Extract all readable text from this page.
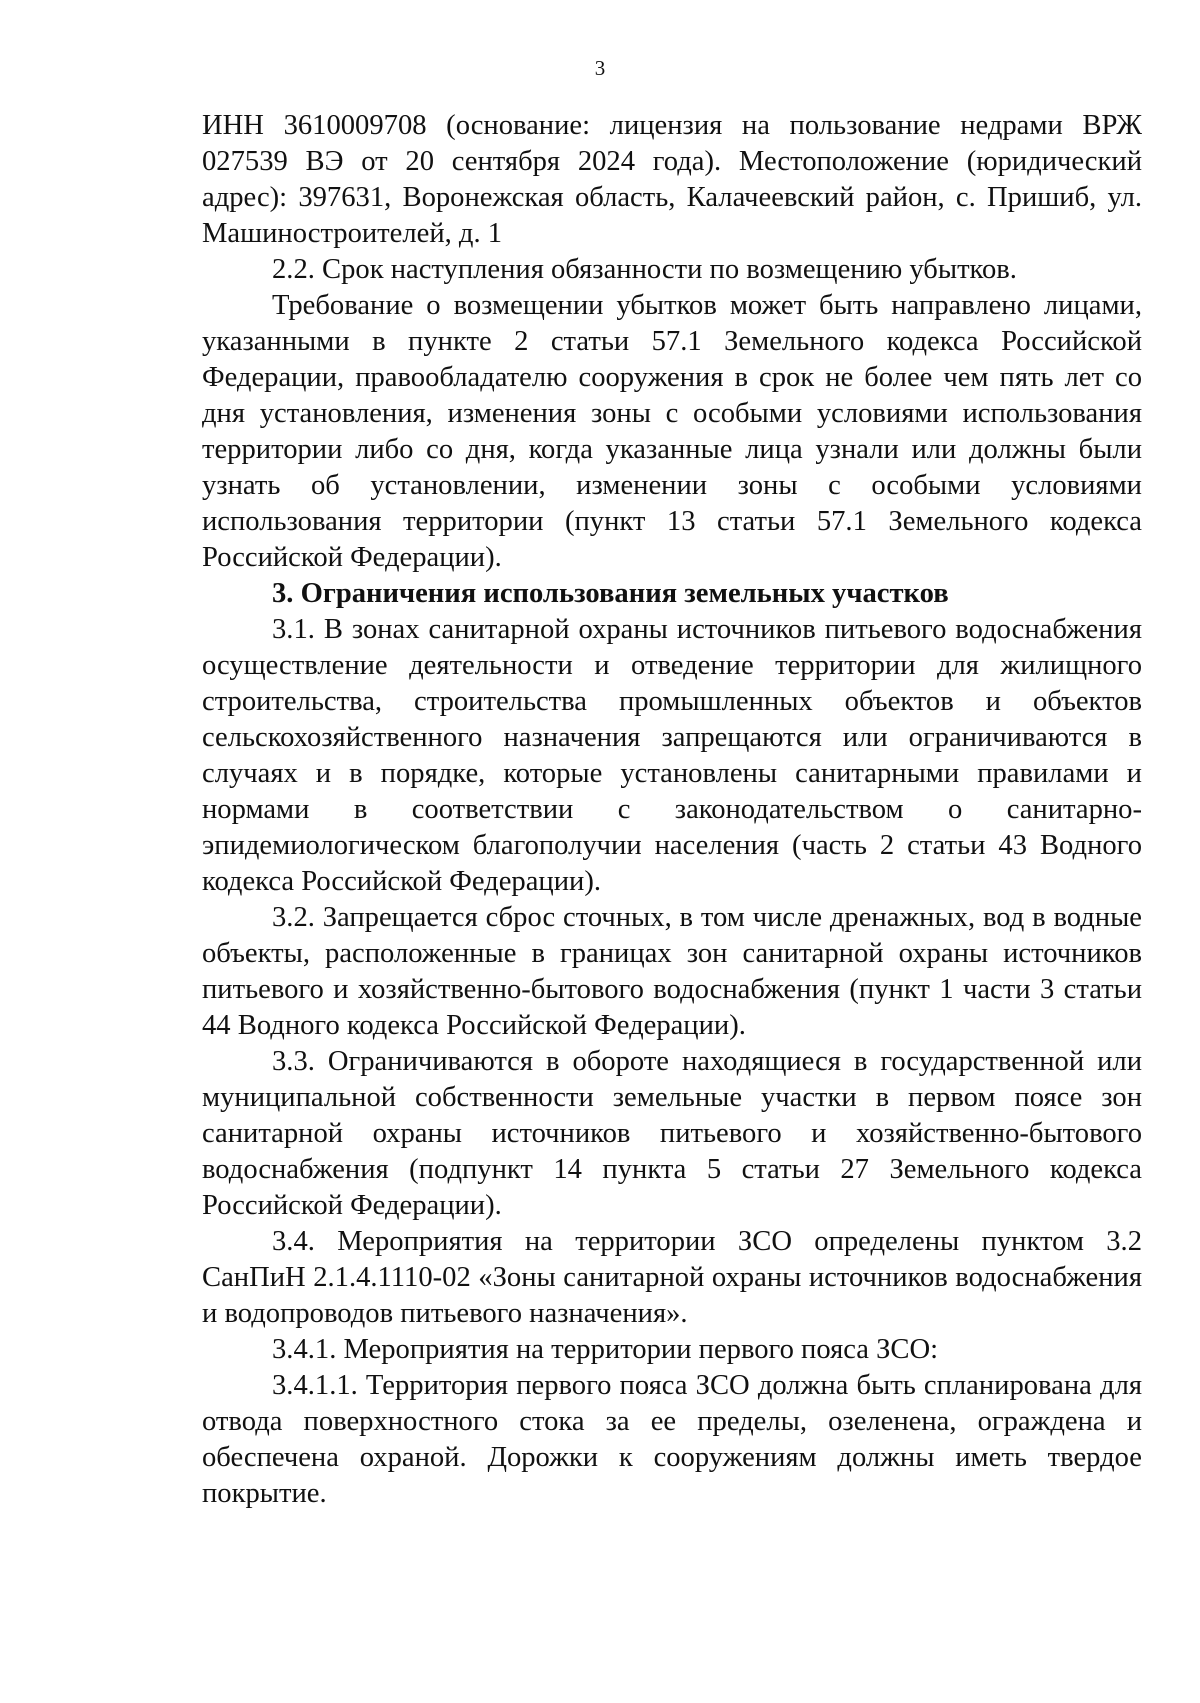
3

ИНН 3610009708 (основание: лицензия на пользование недрами ВРЖ 027539 ВЭ от 20 сентября 2024 года). Местоположение (юридический адрес): 397631, Воронежская область, Калачеевский район, с. Пришиб, ул. Машиностроителей, д. 1

2.2. Срок наступления обязанности по возмещению убытков.

Требование о возмещении убытков может быть направлено лицами, указанными в пункте 2 статьи 57.1 Земельного кодекса Российской Федерации, правообладателю сооружения в срок не более чем пять лет со дня установления, изменения зоны с особыми условиями использования территории либо со дня, когда указанные лица узнали или должны были узнать об установлении, изменении зоны с особыми условиями использования территории (пункт 13 статьи 57.1 Земельного кодекса Российской Федерации).

3. Ограничения использования земельных участков

3.1. В зонах санитарной охраны источников питьевого водоснабжения осуществление деятельности и отведение территории для жилищного строительства, строительства промышленных объектов и объектов сельскохозяйственного назначения запрещаются или ограничиваются в случаях и в порядке, которые установлены санитарными правилами и нормами в соответствии с законодательством о санитарно-эпидемиологическом благополучии населения (часть 2 статьи 43 Водного кодекса Российской Федерации).

3.2. Запрещается сброс сточных, в том числе дренажных, вод в водные объекты, расположенные в границах зон санитарной охраны источников питьевого и хозяйственно-бытового водоснабжения (пункт 1 части 3 статьи 44 Водного кодекса Российской Федерации).

3.3. Ограничиваются в обороте находящиеся в государственной или муниципальной собственности земельные участки в первом поясе зон санитарной охраны источников питьевого и хозяйственно-бытового водоснабжения (подпункт 14 пункта 5 статьи 27 Земельного кодекса Российской Федерации).

3.4. Мероприятия на территории ЗСО определены пунктом 3.2 СанПиН 2.1.4.1110-02 «Зоны санитарной охраны источников водоснабжения и водопроводов питьевого назначения».

3.4.1. Мероприятия на территории первого пояса ЗСО:

3.4.1.1. Территория первого пояса ЗСО должна быть спланирована для отвода поверхностного стока за ее пределы, озеленена, ограждена и обеспечена охраной. Дорожки к сооружениям должны иметь твердое покрытие.
